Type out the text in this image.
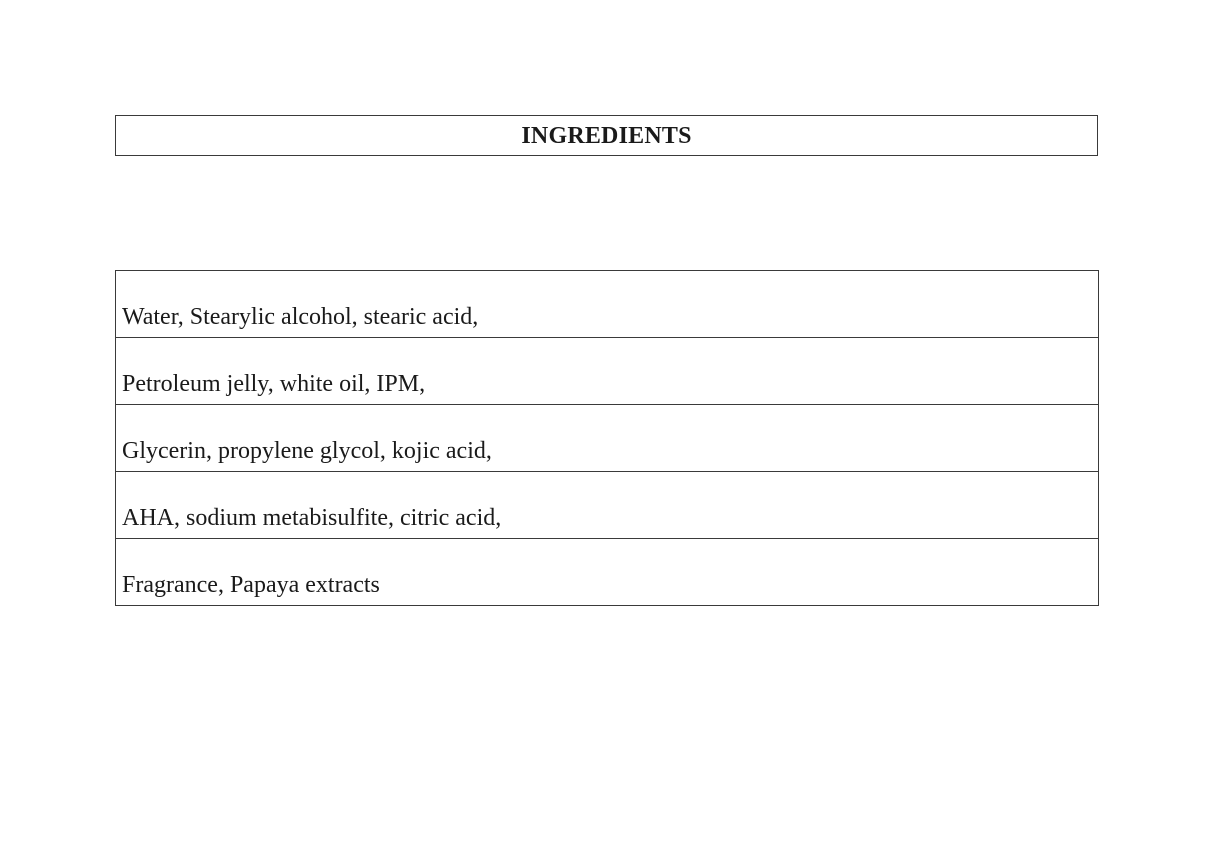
INGREDIENTS
Water, Stearylic alcohol, stearic acid,
Petroleum jelly, white oil, IPM,
Glycerin, propylene glycol, kojic acid,
AHA, sodium metabisulfite, citric acid,
Fragrance, Papaya extracts
